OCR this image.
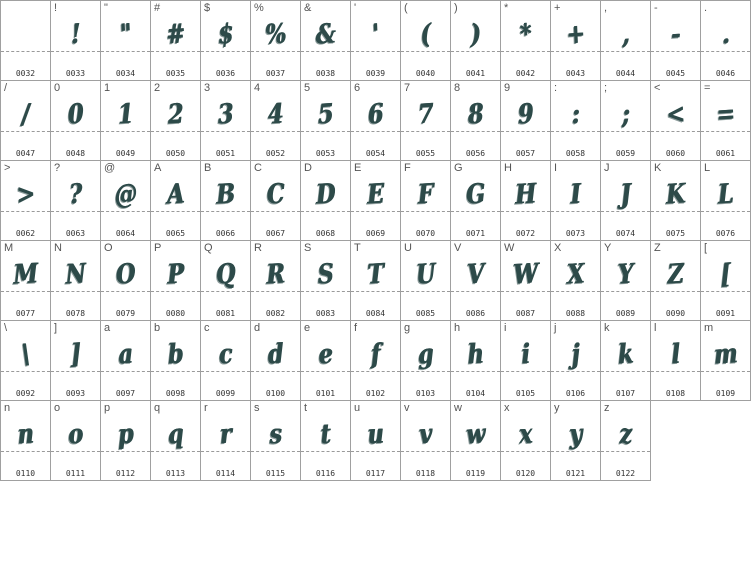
0032
!
!
0033
"
"
0034
#
#
0035
$
$
0036
%
%
0037
&
&
0038
'
'
0039
(
(
0040
)
)
0041
*
*
0042
+
+
0043
,
,
0044
-
-
0045
.
.
0046
/
/
0047
0
0
0048
1
1
0049
2
2
0050
3
3
0051
4
4
0052
5
5
0053
6
6
0054
7
7
0055
8
8
0056
9
9
0057
:
:
0058
;
;
0059
<
<
0060
=
=
0061
>
>
0062
?
?
0063
@
@
0064
A
A
0065
B
B
0066
C
C
0067
D
D
0068
E
E
0069
F
F
0070
G
G
0071
H
H
0072
I
I
0073
J
J
0074
K
K
0075
L
L
0076
M
M
0077
N
N
0078
O
O
0079
P
P
0080
Q
Q
0081
R
R
0082
S
S
0083
T
T
0084
U
U
0085
V
V
0086
W
W
0087
X
X
0088
Y
Y
0089
Z
Z
0090
[
[
0091
\
\
0092
]
]
0093
a
a
0097
b
b
0098
c
c
0099
d
d
0100
e
e
0101
f
f
0102
g
g
0103
h
h
0104
i
i
0105
j
j
0106
k
k
0107
l
l
0108
m
m
0109
n
n
0110
o
o
0111
p
p
0112
q
q
0113
r
r
0114
s
s
0115
t
t
0116
u
u
0117
v
v
0118
w
w
0119
x
x
0120
y
y
0121
z
z
0122
